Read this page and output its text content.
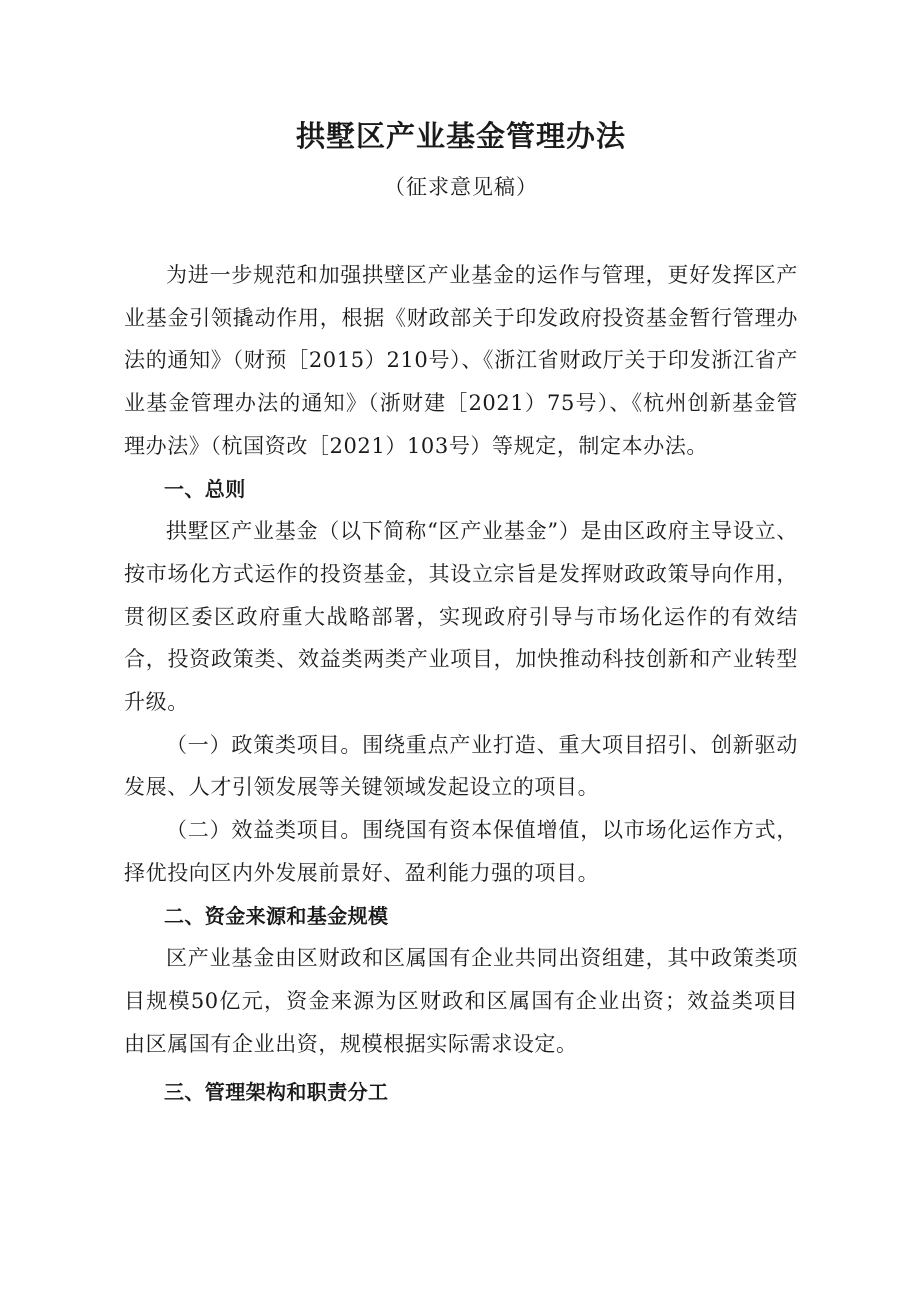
拱墅区产业基金管理办法
（征求意见稿）

为进一步规范和加强拱壁区产业基金的运作与管理，更好发挥区产业基金引领撬动作用，根据《财政部关于印发政府投资基金暂行管理办法的通知》（财预［2015）210号）、《浙江省财政厅关于印发浙江省产业基金管理办法的通知》（浙财建［2021）75号）、《杭州创新基金管理办法》（杭国资改［2021）103号）等规定，制定本办法。

一、总则

拱墅区产业基金（以下简称“区产业基金”）是由区政府主导设立、按市场化方式运作的投资基金，其设立宗旨是发挥财政政策导向作用，贯彻区委区政府重大战略部署，实现政府引导与市场化运作的有效结合，投资政策类、效益类两类产业项目，加快推动科技创新和产业转型升级。

（一）政策类项目。围绕重点产业打造、重大项目招引、创新驱动发展、人才引领发展等关键领域发起设立的项目。

（二）效益类项目。围绕国有资本保值增值，以市场化运作方式，择优投向区内外发展前景好、盈利能力强的项目。

二、资金来源和基金规模

区产业基金由区财政和区属国有企业共同出资组建，其中政策类项目规模50亿元，资金来源为区财政和区属国有企业出资；效益类项目由区属国有企业出资，规模根据实际需求设定。

三、管理架构和职责分工
